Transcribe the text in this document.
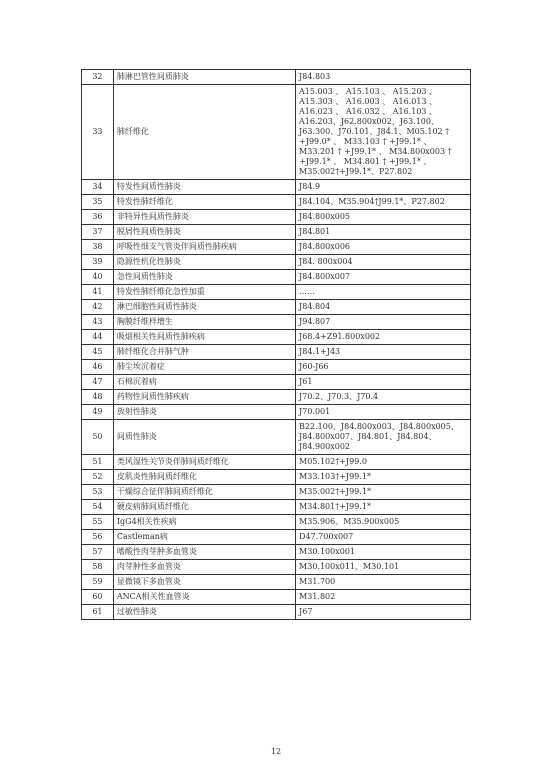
32	肺淋巴管性间质肺炎	J84.803
33	肺纤维化	A15.003 、 A15.103 、 A15.203 、 A15.303 、 A16.003 、 A16.013 、 A16.023 、 A16.032 、 A16.103 、 A16.203、J62.800x002、J63.100、J63.300、J70.101、J84.1、M05.102 † +J99.0* 、 M33.103 † +J99.1* 、 M33.201 † +J99.1* 、 M34.800x003 † +J99.1* 、 M34.801 † +J99.1* 、 M35.002†+J99.1*、P27.802
34	特发性间质性肺炎	J84.9
35	特发性肺纤维化	J84.104、M35.904†J99.1*、P27.802
36	非特异性间质性肺炎	J84.800x005
37	脱屑性间质性肺炎	J84.801
38	呼吸性细支气管炎伴间质性肺疾病	J84.800x006
39	隐源性机化性肺炎	J84. 800x004
40	急性间质性肺炎	J84.800x007
41	特发性肺纤维化急性加重	……
42	淋巴细胞性间质性肺炎	J84.804
43	胸膜纤维样增生	J94.807
44	吸烟相关性间质性肺疾病	J68.4+Z91.800x002
45	肺纤维化合并肺气肿	J84.1+J43
46	肺尘埃沉着症	J60-J66
47	石棉沉着病	J61
48	药物性间质性肺疾病	J70.2、J70.3、J70.4
49	放射性肺炎	J70.001
50	间质性肺炎	B22.100、J84.800x003、J84.800x005、J84.800x007、J84.801、J84.804、J84.900x002
51	类风湿性关节炎伴肺间质纤维化	M05.102†+J99.0
52	皮肌炎性肺间质纤维化	M33.103†+J99.1*
53	干燥综合征伴肺间质纤维化	M35.002†+J99.1*
54	硬皮病肺间质纤维化	M34.801†+J99.1*
55	IgG4相关性疾病	M35.906、M35.900x005
56	Castleman病	D47.700x007
57	嗜酸性肉芽肿多血管炎	M30.100x001
58	肉芽肿性多血管炎	M30.100x011、M30.101
59	显微镜下多血管炎	M31.700
60	ANCA相关性血管炎	M31.802
61	过敏性肺炎	J67
12
